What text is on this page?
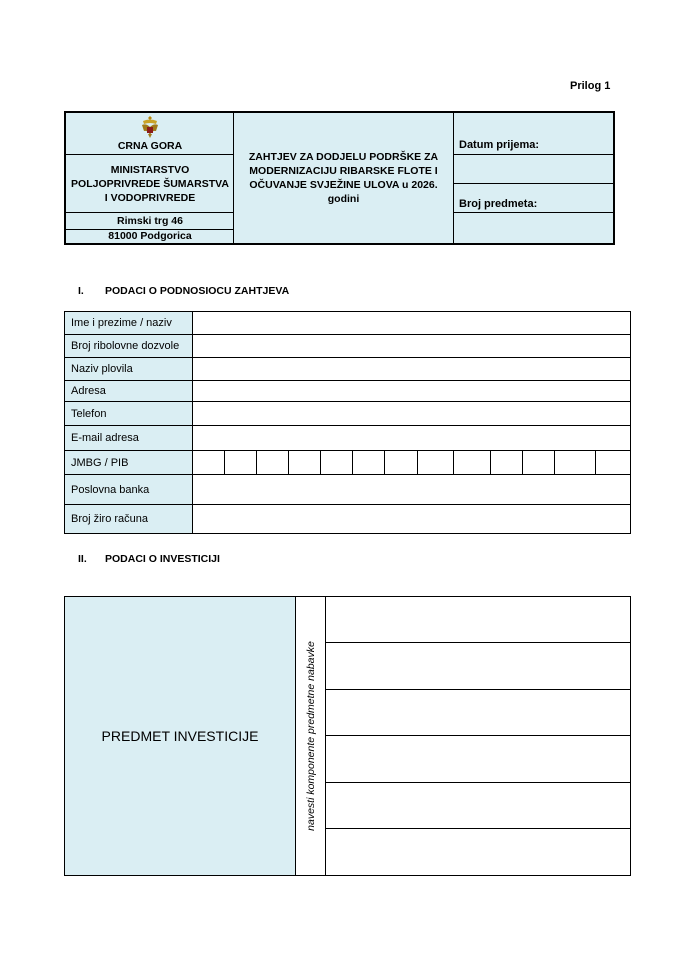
Prilog 1
CRNA GORA
MINISTARSTVO
POLJOPRIVREDE ŠUMARSTVA
I VODOPRIVREDE
Rimski trg 46
81000 Podgorica
ZAHTJEV ZA DODJELU PODRŠKE ZA
MODERNIZACIJU RIBARSKE FLOTE I
OČUVANJE SVJEŽINE ULOVA u 2026.
godini
Datum prijema:
Broj predmeta:
I. PODACI O PODNOSIOCU ZAHTJEVA
Ime i prezime / naziv
Broj ribolovne dozvole
Naziv plovila
Adresa
Telefon
E-mail adresa
JMBG / PIB
Poslovna banka
Broj žiro računa
II. PODACI O INVESTICIJI
PREDMET INVESTICIJE	navesti komponente predmetne nabavke
